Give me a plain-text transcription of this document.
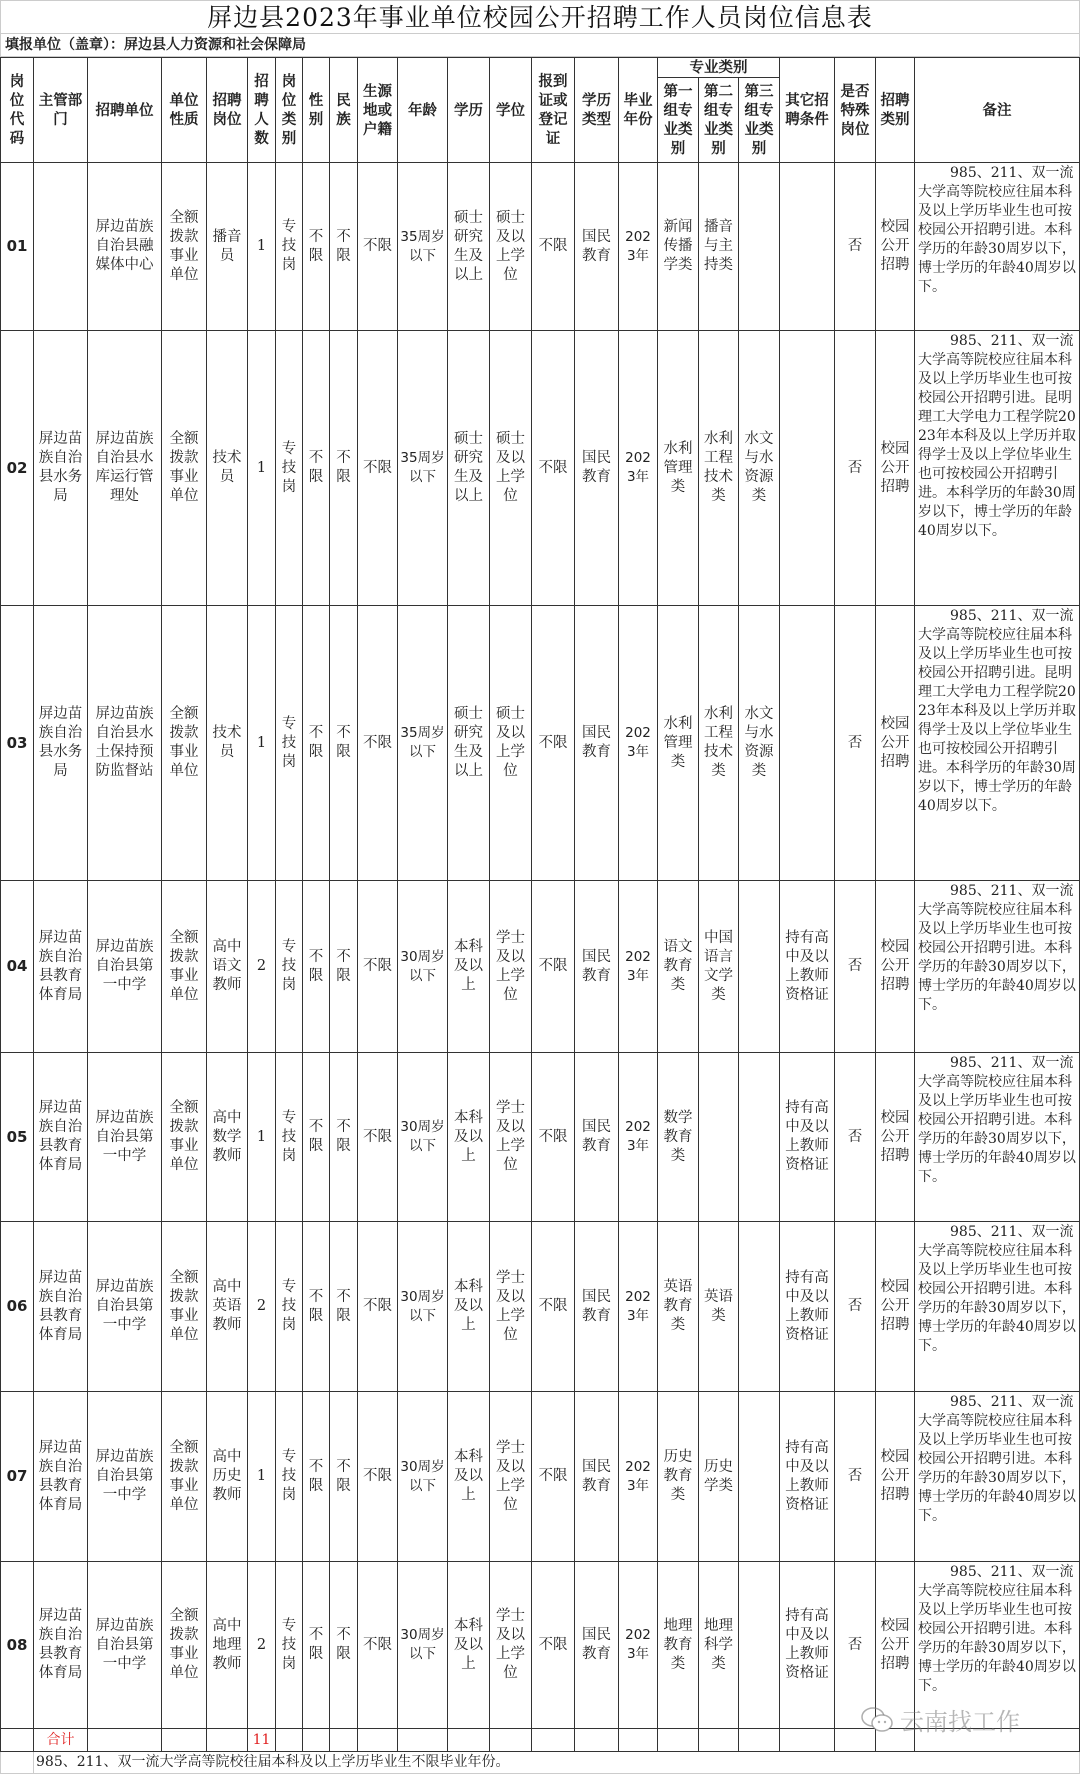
屏边县2023年事业单位校园公开招聘工作人员岗位信息表
填报单位（盖章）：屏边县人力资源和社会保障局
岗位代码	主管部门	招聘单位	单位性质	招聘岗位	招聘人数	岗位类别	性别	民族	生源地或户籍	年龄	学历	学位	报到证或登记证	学历类型	毕业年份	专业类别			其它招聘条件	是否特殊岗位	招聘类别	备注
																第一组专业类别	第二组专业类别	第三组专业类别				
01		屏边苗族自治县融媒体中心	全额拨款事业单位	播音员	1	专技岗	不限	不限	不限	35周岁以下	硕士研究生及以上	硕士及以上学位	不限	国民教育	2023年	新闻传播学类	播音与主持类			否	校园公开招聘	985、211、双一流大学高等院校应往届本科及以上学历毕业生也可按校园公开招聘引进。本科学历的年龄30周岁以下，博士学历的年龄40周岁以下。
02	屏边苗族自治县水务局	屏边苗族自治县水库运行管理处	全额拨款事业单位	技术员	1	专技岗	不限	不限	不限	35周岁以下	硕士研究生及以上	硕士及以上学位	不限	国民教育	2023年	水利管理类	水利工程技术类	水文与水资源类		否	校园公开招聘	985、211、双一流大学高等院校应往届本科及以上学历毕业生也可按校园公开招聘引进。昆明理工大学电力工程学院2023年本科及以上学历并取得学士及以上学位毕业生也可按校园公开招聘引进。本科学历的年龄30周岁以下，博士学历的年龄40周岁以下。
03	屏边苗族自治县水务局	屏边苗族自治县水土保持预防监督站	全额拨款事业单位	技术员	1	专技岗	不限	不限	不限	35周岁以下	硕士研究生及以上	硕士及以上学位	不限	国民教育	2023年	水利管理类	水利工程技术类	水文与水资源类		否	校园公开招聘	985、211、双一流大学高等院校应往届本科及以上学历毕业生也可按校园公开招聘引进。昆明理工大学电力工程学院2023年本科及以上学历并取得学士及以上学位毕业生也可按校园公开招聘引进。本科学历的年龄30周岁以下，博士学历的年龄40周岁以下。
04	屏边苗族自治县教育体育局	屏边苗族自治县第一中学	全额拨款事业单位	高中语文教师	2	专技岗	不限	不限	不限	30周岁以下	本科及以上	学士及以上学位	不限	国民教育	2023年	语文教育类	中国语言文学类		持有高中及以上教师资格证	否	校园公开招聘	985、211、双一流大学高等院校应往届本科及以上学历毕业生也可按校园公开招聘引进。本科学历的年龄30周岁以下，博士学历的年龄40周岁以下。
05	屏边苗族自治县教育体育局	屏边苗族自治县第一中学	全额拨款事业单位	高中数学教师	1	专技岗	不限	不限	不限	30周岁以下	本科及以上	学士及以上学位	不限	国民教育	2023年	数学教育类			持有高中及以上教师资格证	否	校园公开招聘	985、211、双一流大学高等院校应往届本科及以上学历毕业生也可按校园公开招聘引进。本科学历的年龄30周岁以下，博士学历的年龄40周岁以下。
06	屏边苗族自治县教育体育局	屏边苗族自治县第一中学	全额拨款事业单位	高中英语教师	2	专技岗	不限	不限	不限	30周岁以下	本科及以上	学士及以上学位	不限	国民教育	2023年	英语教育类	英语类		持有高中及以上教师资格证	否	校园公开招聘	985、211、双一流大学高等院校应往届本科及以上学历毕业生也可按校园公开招聘引进。本科学历的年龄30周岁以下，博士学历的年龄40周岁以下。
07	屏边苗族自治县教育体育局	屏边苗族自治县第一中学	全额拨款事业单位	高中历史教师	1	专技岗	不限	不限	不限	30周岁以下	本科及以上	学士及以上学位	不限	国民教育	2023年	历史教育类	历史学类		持有高中及以上教师资格证	否	校园公开招聘	985、211、双一流大学高等院校应往届本科及以上学历毕业生也可按校园公开招聘引进。本科学历的年龄30周岁以下，博士学历的年龄40周岁以下。
08	屏边苗族自治县教育体育局	屏边苗族自治县第一中学	全额拨款事业单位	高中地理教师	2	专技岗	不限	不限	不限	30周岁以下	本科及以上	学士及以上学位	不限	国民教育	2023年	地理教育类	地理科学类		持有高中及以上教师资格证	否	校园公开招聘	985、211、双一流大学高等院校应往届本科及以上学历毕业生也可按校园公开招聘引进。本科学历的年龄30周岁以下，博士学历的年龄40周岁以下。
	合计				11																	
	985、211、双一流大学高等院校往届本科及以上学历毕业生不限毕业年份。																					
云南找工作
